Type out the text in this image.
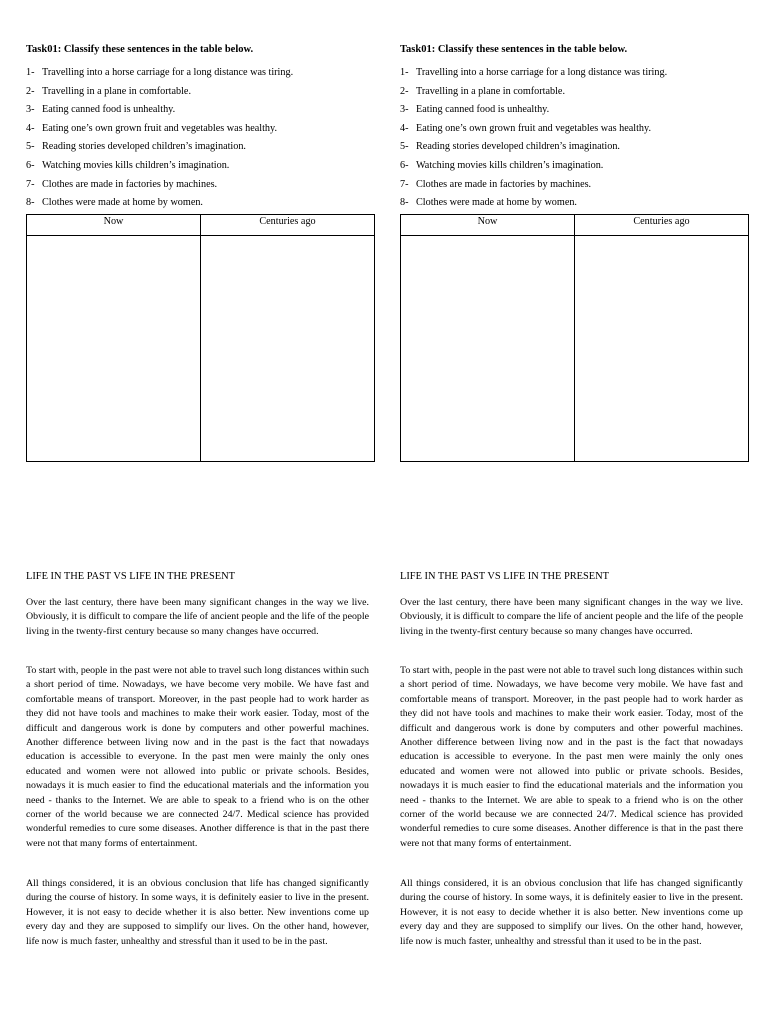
Task01: Classify these sentences in the table below.
1- Travelling into a horse carriage for a long distance was tiring.
2- Travelling in a plane in comfortable.
3- Eating canned food is unhealthy.
4- Eating one’s own grown fruit and vegetables was healthy.
5- Reading stories developed children’s imagination.
6- Watching movies kills children’s imagination.
7- Clothes are made in factories by machines.
8- Clothes were made at home by women.
Now	Centuries ago

LIFE IN THE PAST VS LIFE IN THE PRESENT

Over the last century, there have been many significant changes in the way we live. Obviously, it is difficult to compare the life of ancient people and the life of the people living in the twenty-first century because so many changes have occurred.

To start with, people in the past were not able to travel such long distances within such a short period of time. Nowadays, we have become very mobile. We have fast and comfortable means of transport. Moreover, in the past people had to work harder as they did not have tools and machines to make their work easier. Today, most of the difficult and dangerous work is done by computers and other powerful machines. Another difference between living now and in the past is the fact that nowadays education is accessible to everyone. In the past men were mainly the only ones educated and women were not allowed into public or private schools. Besides, nowadays it is much easier to find the educational materials and the information you need - thanks to the Internet. We are able to speak to a friend who is on the other corner of the world because we are connected 24/7. Medical science has provided wonderful remedies to cure some diseases. Another difference is that in the past there were not that many forms of entertainment.

All things considered, it is an obvious conclusion that life has changed significantly during the course of history. In some ways, it is definitely easier to live in the present. However, it is not easy to decide whether it is also better. New inventions come up every day and they are supposed to simplify our lives. On the other hand, however, life now is much faster, unhealthy and stressful than it used to be in the past.

Task01: Classify these sentences in the table below.
1- Travelling into a horse carriage for a long distance was tiring.
2- Travelling in a plane in comfortable.
3- Eating canned food is unhealthy.
4- Eating one’s own grown fruit and vegetables was healthy.
5- Reading stories developed children’s imagination.
6- Watching movies kills children’s imagination.
7- Clothes are made in factories by machines.
8- Clothes were made at home by women.
Now	Centuries ago

LIFE IN THE PAST VS LIFE IN THE PRESENT

Over the last century, there have been many significant changes in the way we live. Obviously, it is difficult to compare the life of ancient people and the life of the people living in the twenty-first century because so many changes have occurred.

To start with, people in the past were not able to travel such long distances within such a short period of time. Nowadays, we have become very mobile. We have fast and comfortable means of transport. Moreover, in the past people had to work harder as they did not have tools and machines to make their work easier. Today, most of the difficult and dangerous work is done by computers and other powerful machines. Another difference between living now and in the past is the fact that nowadays education is accessible to everyone. In the past men were mainly the only ones educated and women were not allowed into public or private schools. Besides, nowadays it is much easier to find the educational materials and the information you need - thanks to the Internet. We are able to speak to a friend who is on the other corner of the world because we are connected 24/7. Medical science has provided wonderful remedies to cure some diseases. Another difference is that in the past there were not that many forms of entertainment.

All things considered, it is an obvious conclusion that life has changed significantly during the course of history. In some ways, it is definitely easier to live in the present. However, it is not easy to decide whether it is also better. New inventions come up every day and they are supposed to simplify our lives. On the other hand, however, life now is much faster, unhealthy and stressful than it used to be in the past.
